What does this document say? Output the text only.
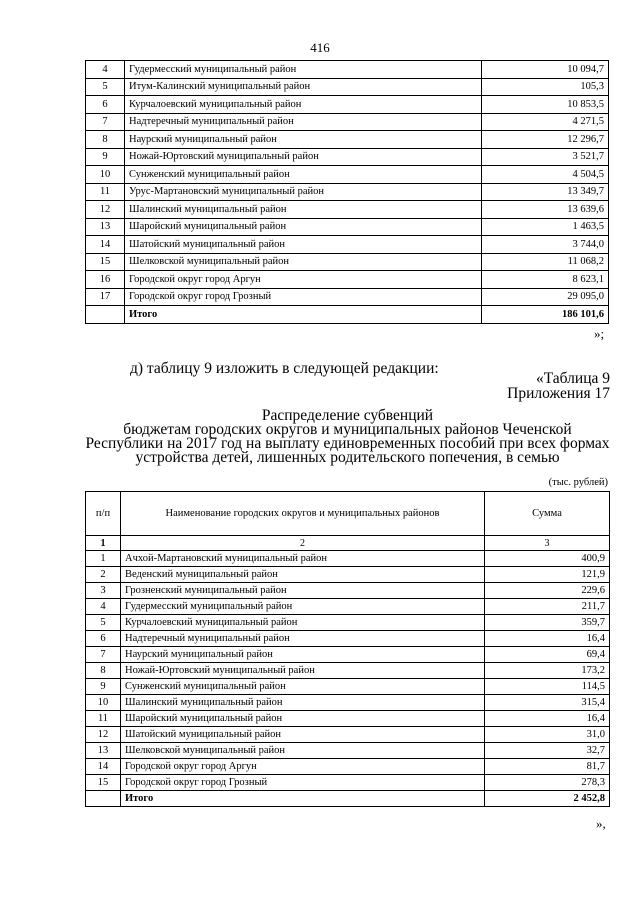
416
4	Гудермесский муниципальный район	10 094,7
5	Итум-Калинский муниципальный район	105,3
6	Курчалоевский муниципальный район	10 853,5
7	Надтеречный муниципальный район	4 271,5
8	Наурский муниципальный район	12 296,7
9	Ножай-Юртовский муниципальный район	3 521,7
10	Сунженский муниципальный район	4 504,5
11	Урус-Мартановский муниципальный район	13 349,7
12	Шалинский муниципальный район	13 639,6
13	Шаройский муниципальный район	1 463,5
14	Шатойский муниципальный район	3 744,0
15	Шелковской муниципальный район	11 068,2
16	Городской округ город Аргун	8 623,1
17	Городской округ город Грозный	29 095,0
	Итого	186 101,6
»;
д) таблицу 9 изложить в следующей редакции:
«Таблица 9
Приложения 17
Распределение субвенций
бюджетам городских округов и муниципальных районов Чеченской
Республики на 2017 год на выплату единовременных пособий при всех формах
устройства детей, лишенных родительского попечения, в семью
(тыс. рублей)
п/п	Наименование городских округов и муниципальных районов	Сумма
1	2	3
1	Ачхой-Мартановский муниципальный район	400,9
2	Веденский муниципальный район	121,9
3	Грозненский муниципальный район	229,6
4	Гудермесский муниципальный район	211,7
5	Курчалоевский муниципальный район	359,7
6	Надтеречный муниципальный район	16,4
7	Наурский муниципальный район	69,4
8	Ножай-Юртовский муниципальный район	173,2
9	Сунженский муниципальный район	114,5
10	Шалинский муниципальный район	315,4
11	Шаройский муниципальный район	16,4
12	Шатойский муниципальный район	31,0
13	Шелковской муниципальный район	32,7
14	Городской округ город Аргун	81,7
15	Городской округ город Грозный	278,3
	Итого	2 452,8
»,
